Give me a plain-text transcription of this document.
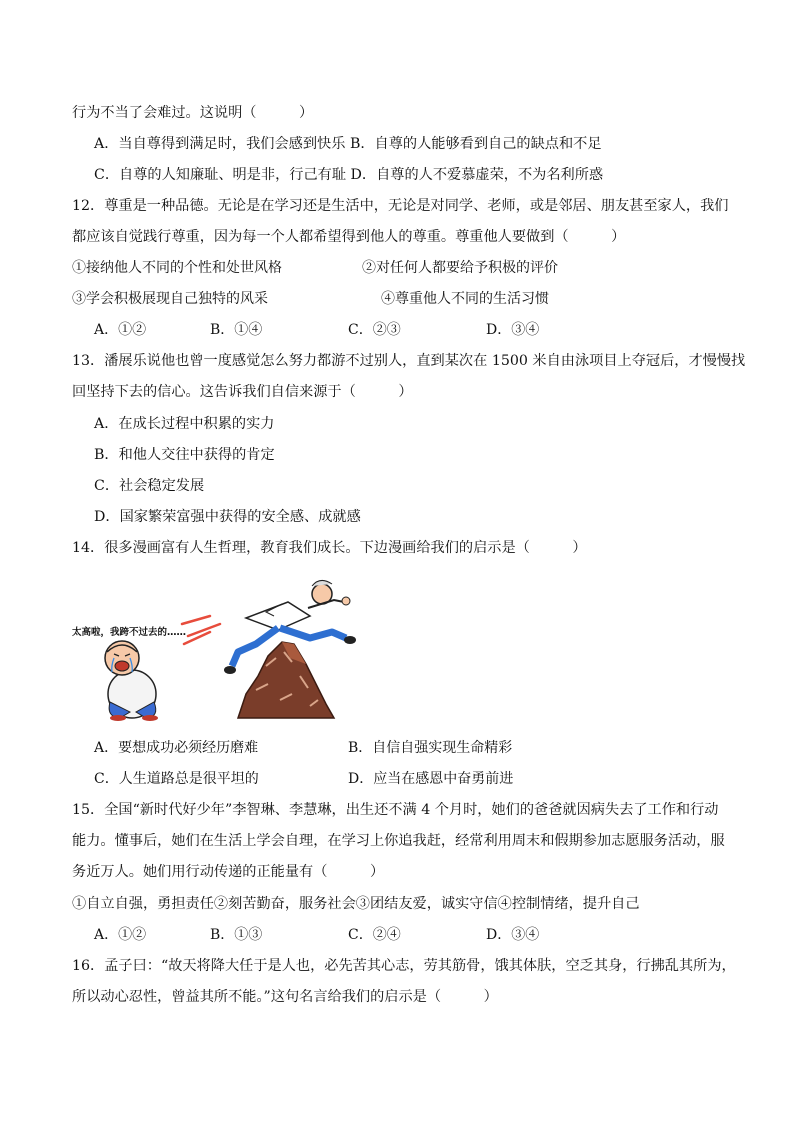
行为不当了会难过。这说明（　　　）
A．当自尊得到满足时，我们会感到快乐 B．自尊的人能够看到自己的缺点和不足
C．自尊的人知廉耻、明是非，行己有耻 D．自尊的人不爱慕虚荣，不为名利所惑
12．尊重是一种品德。无论是在学习还是生活中，无论是对同学、老师，或是邻居、朋友甚至家人，我们
都应该自觉践行尊重，因为每一个人都希望得到他人的尊重。尊重他人要做到（　　　）
①接纳他人不同的个性和处世风格	②对任何人都要给予积极的评价
③学会积极展现自己独特的风采	④尊重他人不同的生活习惯
A．①②	B．①④	C．②③	D．③④
13．潘展乐说他也曾一度感觉怎么努力都游不过别人，直到某次在 1500 米自由泳项目上夺冠后，才慢慢找
回坚持下去的信心。这告诉我们自信来源于（　　　）
A．在成长过程中积累的实力
B．和他人交往中获得的肯定
C．社会稳定发展
D．国家繁荣富强中获得的安全感、成就感
14．很多漫画富有人生哲理，教育我们成长。下边漫画给我们的启示是（　　　）
太高啦，我跨不过去的……
A．要想成功必须经历磨难	B．自信自强实现生命精彩
C．人生道路总是很平坦的	D．应当在感恩中奋勇前进
15．全国“新时代好少年”李智琳、李慧琳，出生还不满 4 个月时，她们的爸爸就因病失去了工作和行动
能力。懂事后，她们在生活上学会自理，在学习上你追我赶，经常利用周末和假期参加志愿服务活动，服
务近万人。她们用行动传递的正能量有（　　　）
①自立自强，勇担责任②刻苦勤奋，服务社会③团结友爱，诚实守信④控制情绪，提升自己
A．①②	B．①③	C．②④	D．③④
16．孟子曰：“故天将降大任于是人也，必先苦其心志，劳其筋骨，饿其体肤，空乏其身，行拂乱其所为，
所以动心忍性，曾益其所不能。”这句名言给我们的启示是（　　　）
